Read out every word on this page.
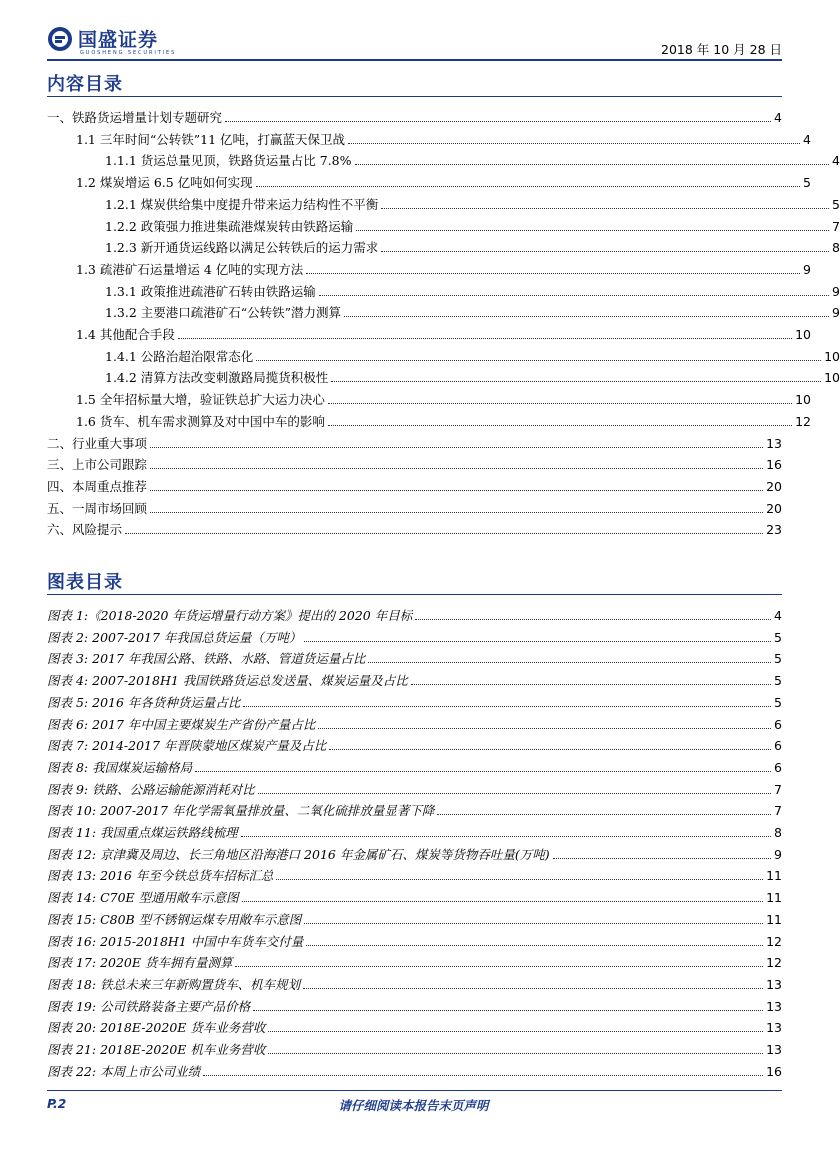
国盛证券
GUOSHENG SECURITIES	2018 年 10 月 28 日
内容目录
一、铁路货运增量计划专题研究	4
1.1 三年时间“公转铁”11 亿吨，打赢蓝天保卫战	4
1.1.1 货运总量见顶，铁路货运量占比 7.8%	4
1.2 煤炭增运 6.5 亿吨如何实现	5
1.2.1 煤炭供给集中度提升带来运力结构性不平衡	5
1.2.2 政策强力推进集疏港煤炭转由铁路运输	7
1.2.3 新开通货运线路以满足公转铁后的运力需求	8
1.3 疏港矿石运量增运 4 亿吨的实现方法	9
1.3.1 政策推进疏港矿石转由铁路运输	9
1.3.2 主要港口疏港矿石“公转铁”潜力测算	9
1.4 其他配合手段	10
1.4.1 公路治超治限常态化	10
1.4.2 清算方法改变刺激路局揽货积极性	10
1.5 全年招标量大增，验证铁总扩大运力决心	10
1.6 货车、机车需求测算及对中国中车的影响	12
二、行业重大事项	13
三、上市公司跟踪	16
四、本周重点推荐	20
五、一周市场回顾	20
六、风险提示	23
图表目录
图表 1:《2018-2020 年货运增量行动方案》提出的 2020 年目标	4
图表 2: 2007-2017 年我国总货运量（万吨）	5
图表 3: 2017 年我国公路、铁路、水路、管道货运量占比	5
图表 4: 2007-2018H1 我国铁路货运总发送量、煤炭运量及占比	5
图表 5: 2016 年各货种货运量占比	5
图表 6: 2017 年中国主要煤炭生产省份产量占比	6
图表 7: 2014-2017 年晋陕蒙地区煤炭产量及占比	6
图表 8: 我国煤炭运输格局	6
图表 9: 铁路、公路运输能源消耗对比	7
图表 10: 2007-2017 年化学需氧量排放量、二氧化硫排放量显著下降	7
图表 11: 我国重点煤运铁路线梳理	8
图表 12: 京津冀及周边、长三角地区沿海港口 2016 年金属矿石、煤炭等货物吞吐量(万吨)	9
图表 13: 2016 年至今铁总货车招标汇总	11
图表 14: C70E 型通用敞车示意图	11
图表 15: C80B 型不锈钢运煤专用敞车示意图	11
图表 16: 2015-2018H1 中国中车货车交付量	12
图表 17: 2020E 货车拥有量测算	12
图表 18: 铁总未来三年新购置货车、机车规划	13
图表 19: 公司铁路装备主要产品价格	13
图表 20: 2018E-2020E 货车业务营收	13
图表 21: 2018E-2020E 机车业务营收	13
图表 22: 本周上市公司业绩	16
P.2	请仔细阅读本报告末页声明
